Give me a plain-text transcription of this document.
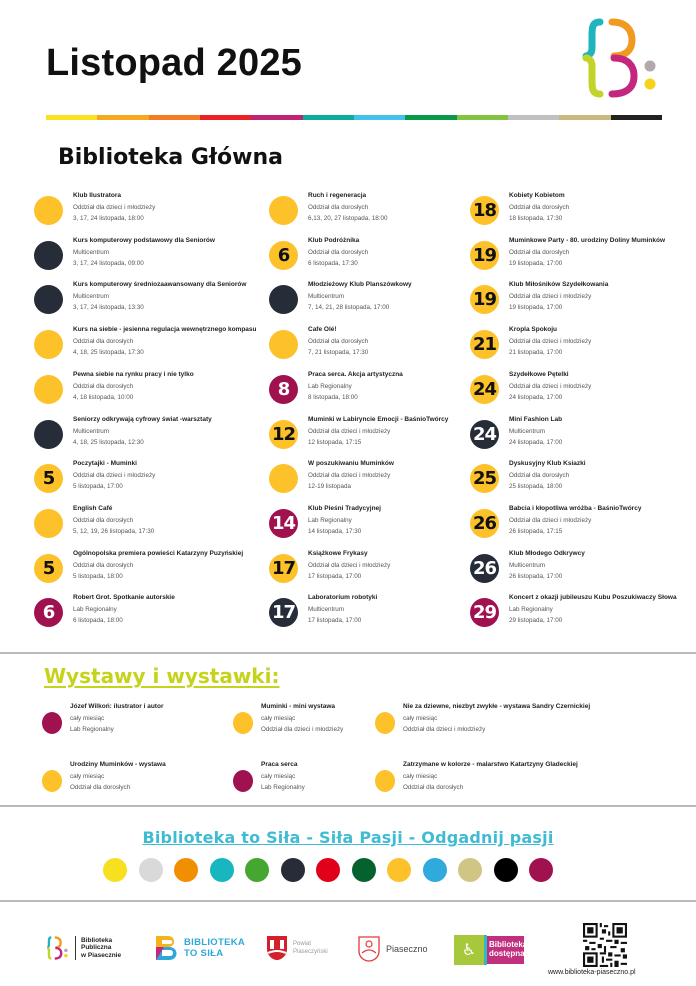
Listopad 2025
Biblioteka Główna
Klub Ilustratora
Oddział dla dzieci i młodzieży
3, 17, 24 listopada, 18:00
Kurs komputerowy podstawowy dla Seniorów
Multicentrum
3, 17, 24 listopada, 09:00
Kurs komputerowy średniozaawansowany dla Seniorów
Multicentrum
3, 17, 24 listopada, 13:30
Kurs na siebie - jesienna regulacja wewnętrznego kompasu
Oddział dla dorosłych
4, 18, 25 listopada, 17:30
Pewna siebie na rynku pracy i nie tylko
Oddział dla dorosłych
4, 18 listopada, 10:00
Seniorzy odkrywają cyfrowy świat -warsztaty
Multicentrum
4, 18, 25 listopada, 12:30
5
Poczytajki - Muminki
Oddział dla dzieci i młodzieży
5 listopada, 17:00
English Café
Oddział dla dorosłych
5, 12, 19, 26 listopada, 17:30
5
Ogólnopolska premiera powieści Katarzyny Puzyńskiej
Oddział dla dorosłych
5 listopada, 18:00
6
Robert Grot. Spotkanie autorskie
Lab Regionalny
6 listopada, 18:00
Ruch i regeneracja
Oddział dla dorosłych
6,13, 20, 27 listopada, 18:00
6
Klub Podróżnika
Oddział dla dorosłych
6 listopada, 17:30
Młodzieżowy Klub Planszówkowy
Multicentrum
7, 14, 21, 28 listopada, 17:00
Cafe Olé!
Oddział dla dorosłych
7, 21 listopada, 17:30
8
Praca serca. Akcja artystyczna
Lab Regionalny
8 listopada, 18:00
12
Muminki w Labiryncie Emocji - BaśnioTwórcy
Oddział dla dzieci i młodzieży
12 listopada, 17:15
W poszukiwaniu Muminków
Oddział dla dzieci i młodzieży
12-19 listopada
14
Klub Pieśni Tradycyjnej
Lab Regionalny
14 listopada, 17:30
17
Książkowe Frykasy
Oddział dla dzieci i młodzieży
17 listopada, 17:00
17
Laboratorium robotyki
Multicentrum
17 listopada, 17:00
18
Kobiety Kobietom
Oddział dla dorosłych
18 listopada, 17:30
19
Muminkowe Party - 80. urodziny Doliny Muminków
Oddział dla dorosłych
19 listopada, 17:00
19
Klub Miłośników Szydełkowania
Oddział dla dzieci i młodzieży
19 listopada, 17:00
21
Kropla Spokoju
Oddział dla dzieci i młodzieży
21 listopada, 17:00
24
Szydełkowe Pętelki
Oddział dla dzieci i młodzieży
24 listopada, 17:00
24
Mini Fashion Lab
Multicentrum
24 listopada, 17:00
25
Dyskusyjny Klub Ksiazki
Oddział dla dorosłych
25 listopada, 18:00
26
Babcia i kłopotliwa wróżba - BaśnioTwórcy
Oddział dla dzieci i młodzieży
26 listopada, 17:15
26
Klub Młodego Odkrywcy
Multicentrum
26 listopada, 17:00
29
Koncert z okazji jubileuszu Kubu Poszukiwaczy Słowa
Lab Regionalny
29 listopada, 17:00
Wystawy i wystawki:
Józef Wilkoń: ilustrator i autor
cały miesiąc
Lab Regionalny
Muminki - mini wystawa
cały miesiąc
Oddział dla dzieci i młodzieży
Nie za dziewne, niezbyt zwykłe - wystawa Sandry Czernickiej
cały miesiąc
Oddział dla dzieci i młodzieży
Urodziny Muminków - wystawa
cały miesiąc
Oddział dla dorosłych
Praca serca
cały miesiąc
Lab Regionalny
Zatrzymane w kolorze - malarstwo Katartzyny Gladeckiej
cały miesiąc
Oddział dla dorosłych
Biblioteka to Siła - Siła Pasji - Odgadnij pasji
Biblioteka
Publiczna
w Piasecznie
BIBLIOTEKA
TO SIŁA
Powiat
Piaseczyński	Piaseczno	♿	Biblioteka
dostępna
www.biblioteka-piaseczno.pl
